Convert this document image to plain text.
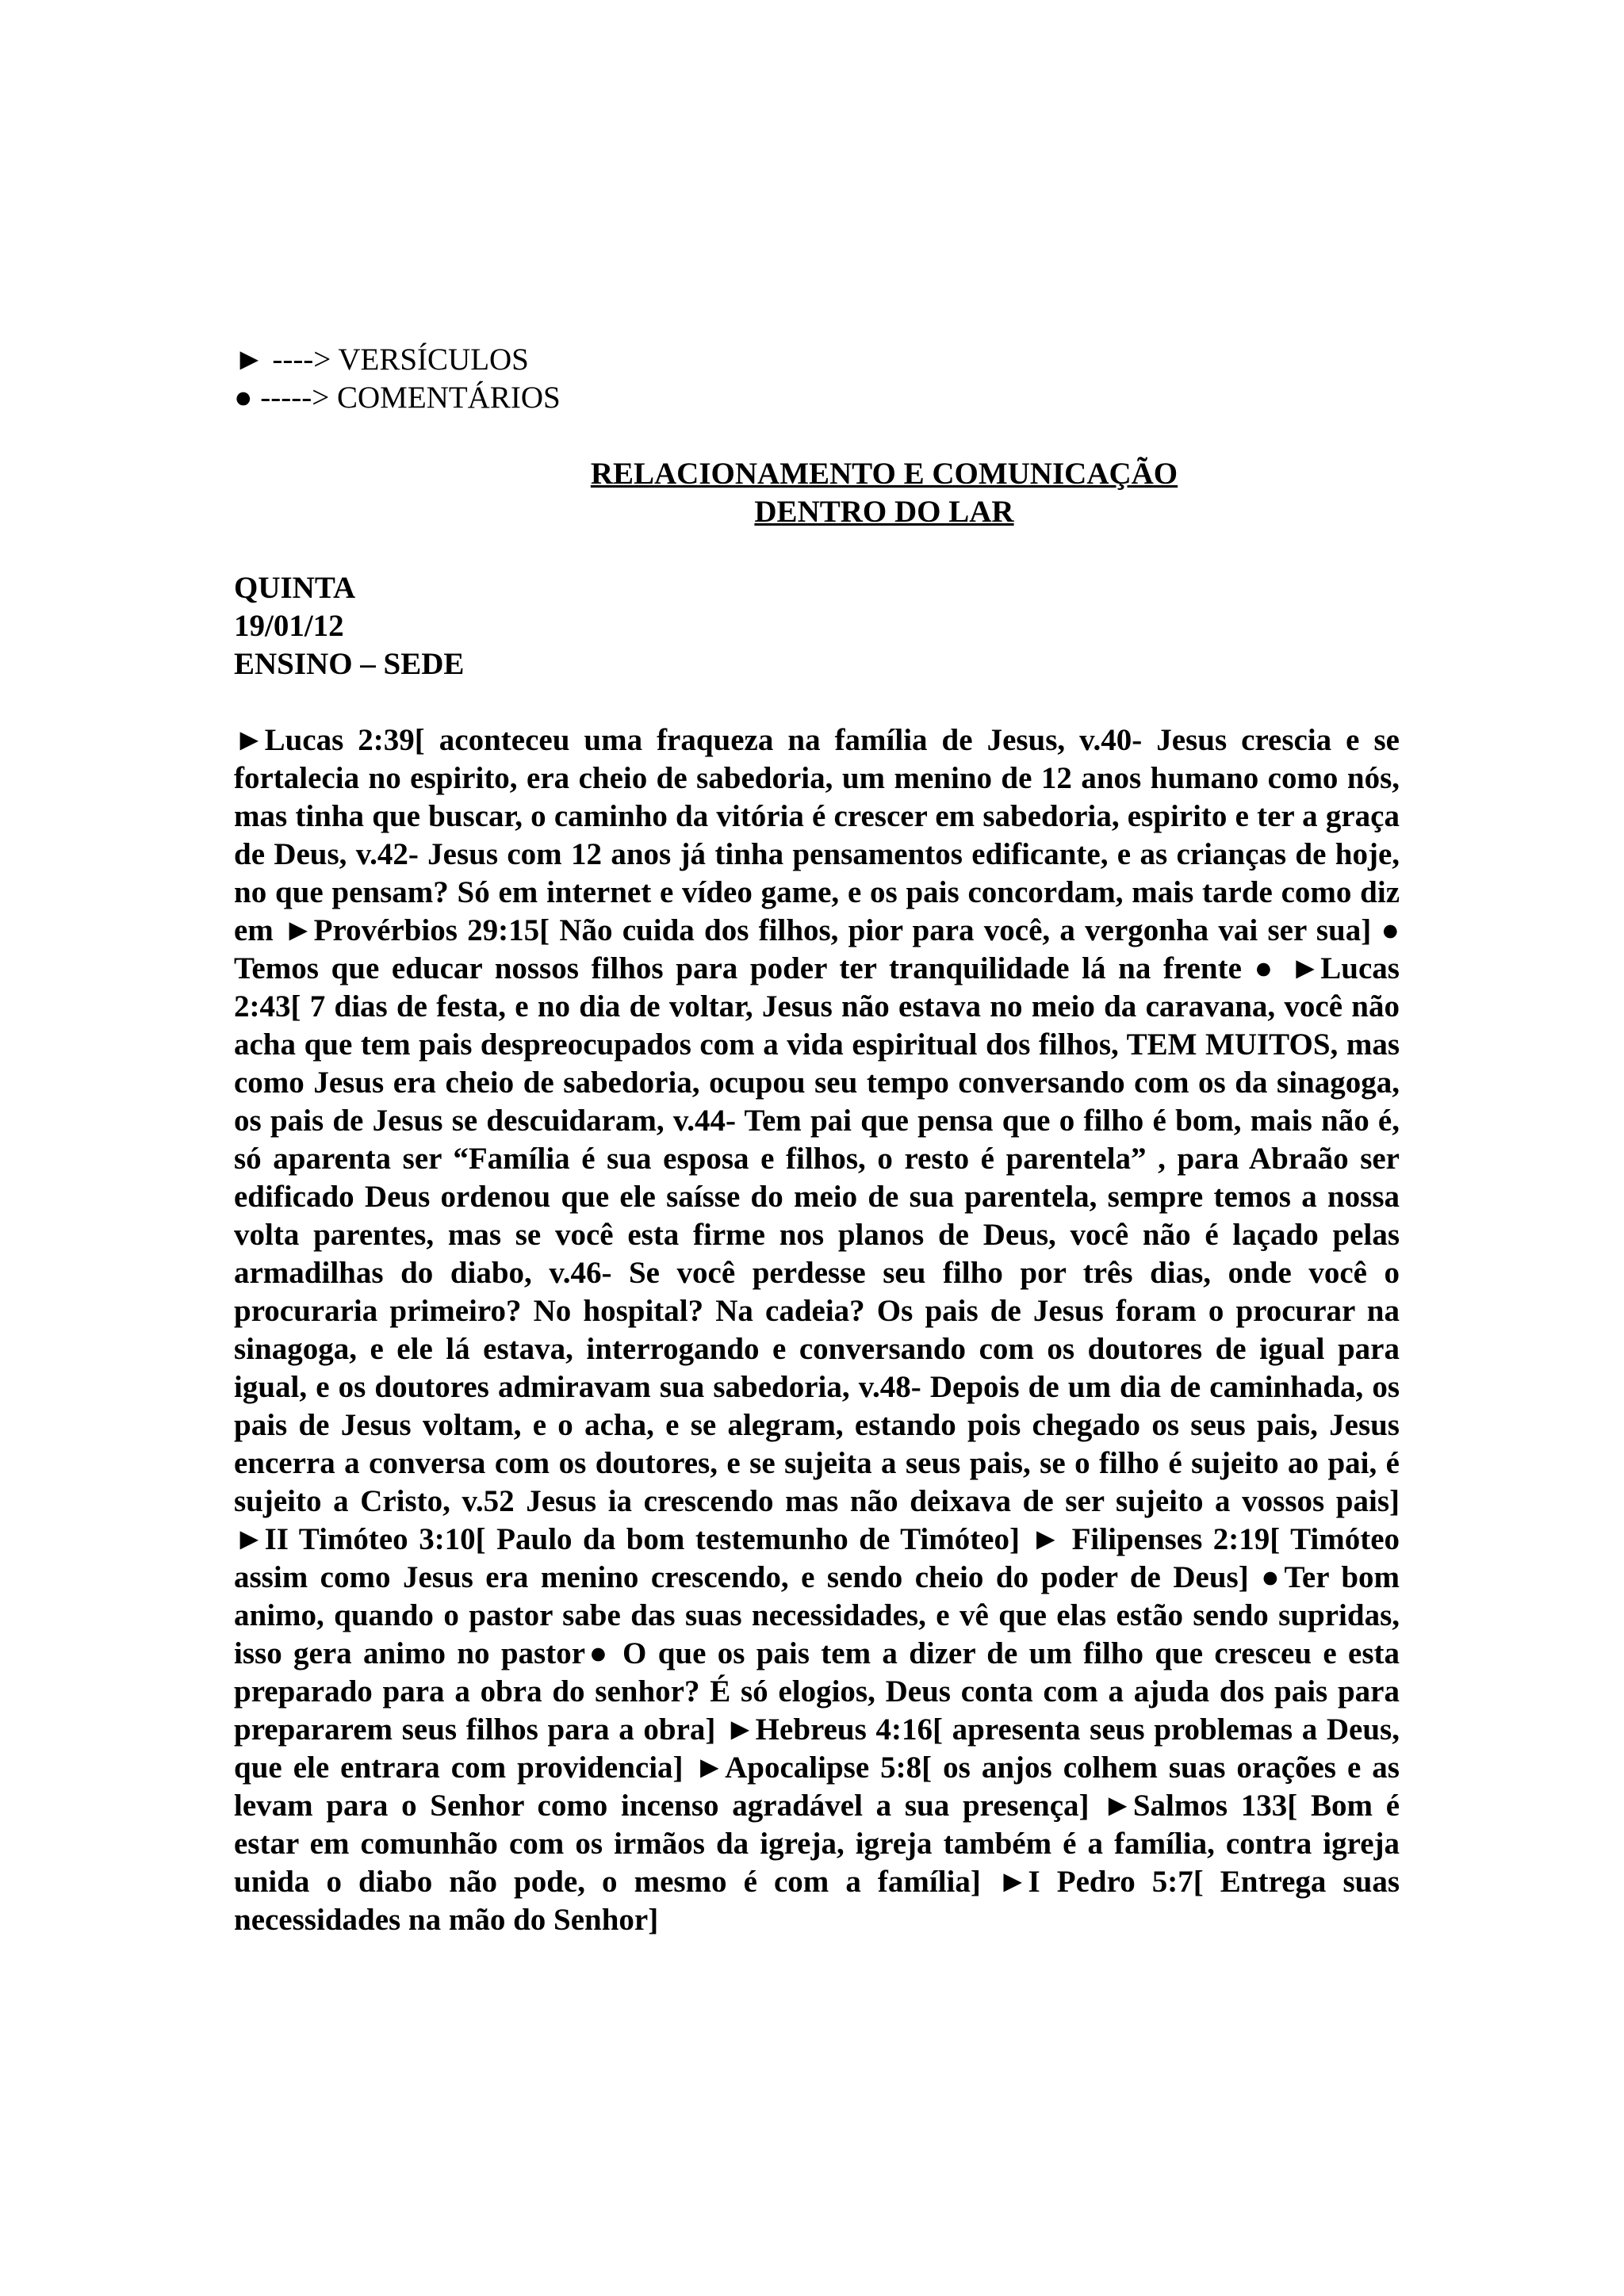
► ----> VERSÍCULOS
● -----> COMENTÁRIOS
RELACIONAMENTO E COMUNICAÇÃO
DENTRO DO LAR
QUINTA
19/01/12
ENSINO – SEDE
►Lucas 2:39[ aconteceu uma fraqueza na família de Jesus, v.40- Jesus crescia e se fortalecia no espirito, era cheio de sabedoria, um menino de 12 anos humano como nós, mas tinha que buscar, o caminho da vitória é crescer em sabedoria, espirito e ter a graça de Deus, v.42- Jesus com 12 anos já tinha pensamentos edificante, e as crianças de hoje, no que pensam? Só em internet e vídeo game, e os pais concordam, mais tarde como diz em ►Provérbios 29:15[ Não cuida dos filhos, pior para você, a vergonha vai ser sua] ● Temos que educar nossos filhos para poder ter tranquilidade lá na frente ● ►Lucas 2:43[ 7 dias de festa, e no dia de voltar, Jesus não estava no meio da caravana, você não acha que tem pais despreocupados com a vida espiritual dos filhos, TEM MUITOS, mas como Jesus era cheio de sabedoria, ocupou seu tempo conversando com os da sinagoga, os pais de Jesus se descuidaram, v.44- Tem pai que pensa que o filho é bom, mais não é, só aparenta ser “Família é sua esposa e filhos, o resto é parentela” , para Abraão ser edificado Deus ordenou que ele saísse do meio de sua parentela, sempre temos a nossa volta parentes, mas se você esta firme nos planos de Deus, você não é laçado pelas armadilhas do diabo, v.46- Se você perdesse seu filho por três dias, onde você o procuraria primeiro? No hospital? Na cadeia? Os pais de Jesus foram o procurar na sinagoga, e ele lá estava, interrogando e conversando com os doutores de igual para igual, e os doutores admiravam sua sabedoria, v.48- Depois de um dia de caminhada, os pais de Jesus voltam, e o acha, e se alegram, estando pois chegado os seus pais, Jesus encerra a conversa com os doutores, e se sujeita a seus pais, se o filho é sujeito ao pai, é sujeito a Cristo, v.52 Jesus ia crescendo mas não deixava de ser sujeito a vossos pais] ►II Timóteo 3:10[ Paulo da bom testemunho de Timóteo] ► Filipenses 2:19[ Timóteo assim como Jesus era menino crescendo, e sendo cheio do poder de Deus] ●Ter bom animo, quando o pastor sabe das suas necessidades, e vê que elas estão sendo supridas, isso gera animo no pastor● O que os pais tem a dizer de um filho que cresceu e esta preparado para a obra do senhor? É só elogios, Deus conta com a ajuda dos pais para prepararem seus filhos para a obra] ►Hebreus 4:16[ apresenta seus problemas a Deus, que ele entrara com providencia] ►Apocalipse 5:8[ os anjos colhem suas orações e as levam para o Senhor como incenso agradável a sua presença] ►Salmos 133[ Bom é estar em comunhão com os irmãos da igreja, igreja também é a família, contra igreja unida o diabo não pode, o mesmo é com a família] ►I Pedro 5:7[ Entrega suas necessidades na mão do Senhor]
